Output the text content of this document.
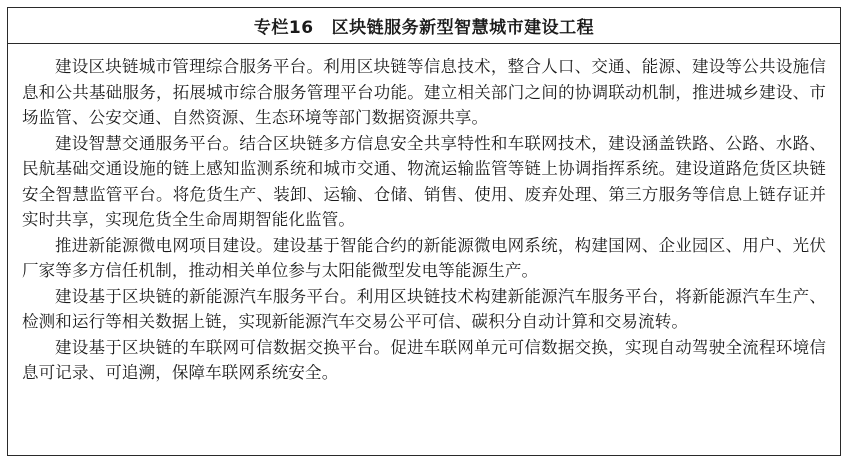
专栏16 区块链服务新型智慧城市建设工程

建设区块链城市管理综合服务平台。利用区块链等信息技术，整合人口、交通、能源、建设等公共设施信息和公共基础服务，拓展城市综合服务管理平台功能。建立相关部门之间的协调联动机制，推进城乡建设、市场监管、公安交通、自然资源、生态环境等部门数据资源共享。

建设智慧交通服务平台。结合区块链多方信息安全共享特性和车联网技术，建设涵盖铁路、公路、水路、民航基础交通设施的链上感知监测系统和城市交通、物流运输监管等链上协调指挥系统。建设道路危货区块链安全智慧监管平台。将危货生产、装卸、运输、仓储、销售、使用、废弃处理、第三方服务等信息上链存证并实时共享，实现危货全生命周期智能化监管。

推进新能源微电网项目建设。建设基于智能合约的新能源微电网系统，构建国网、企业园区、用户、光伏厂家等多方信任机制，推动相关单位参与太阳能微型发电等能源生产。

建设基于区块链的新能源汽车服务平台。利用区块链技术构建新能源汽车服务平台，将新能源汽车生产、检测和运行等相关数据上链，实现新能源汽车交易公平可信、碳积分自动计算和交易流转。

建设基于区块链的车联网可信数据交换平台。促进车联网单元可信数据交换，实现自动驾驶全流程环境信息可记录、可追溯，保障车联网系统安全。
